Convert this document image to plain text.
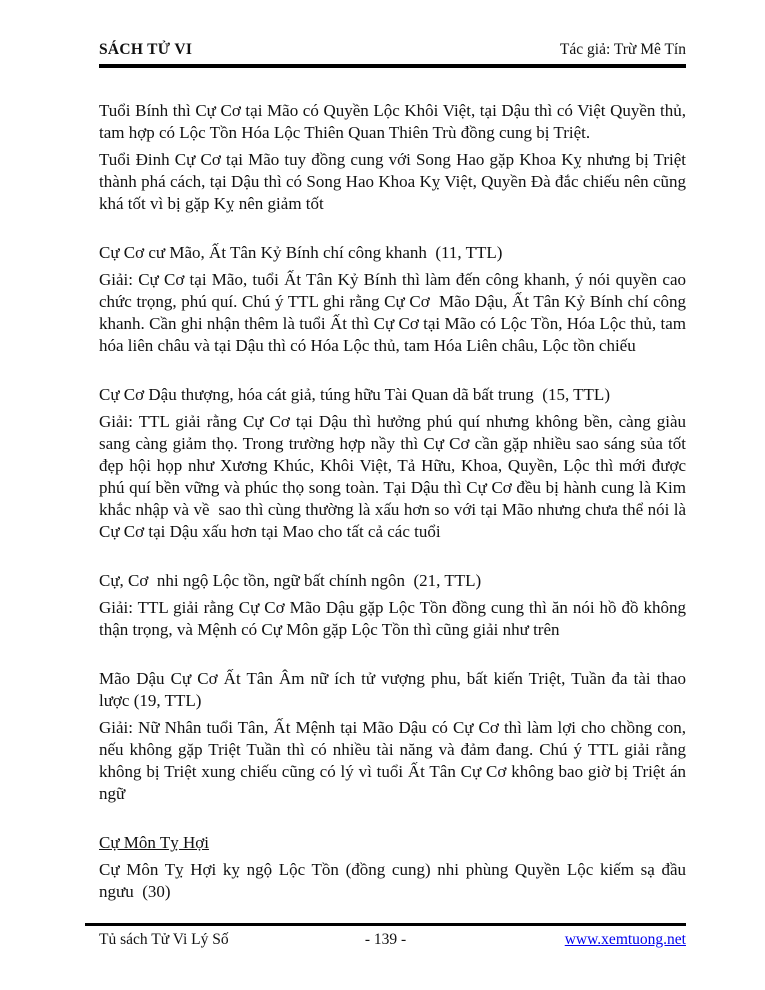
SÁCH TỬ VI	Tác giả: Trừ Mê Tín

Tuổi Bính thì Cự Cơ tại Mão có Quyền Lộc Khôi Việt, tại Dậu thì có Việt Quyền thủ,  tam hợp có Lộc Tồn Hóa Lộc Thiên Quan Thiên Trù đồng cung bị Triệt.

Tuổi Đinh Cự Cơ tại Mão tuy đồng cung với Song Hao gặp Khoa Kỵ nhưng bị Triệt thành phá cách, tại Dậu thì có Song Hao Khoa Kỵ Việt, Quyền Đà đắc chiếu nên cũng khá tốt vì bị gặp Kỵ nên giảm tốt

Cự Cơ cư Mão, Ất Tân Kỷ Bính chí công khanh  (11, TTL)

Giải: Cự Cơ tại Mão, tuổi Ất Tân Kỷ Bính thì làm đến công khanh, ý nói quyền cao chức trọng, phú quí. Chú ý TTL ghi rằng Cự Cơ  Mão Dậu, Ất Tân Kỷ Bính chí công khanh. Cần ghi nhận thêm là tuổi Ất thì Cự Cơ tại Mão có Lộc Tồn, Hóa Lộc thủ, tam hóa liên châu và tại Dậu thì có Hóa Lộc thủ, tam Hóa Liên châu, Lộc tồn chiếu

Cự Cơ Dậu thượng, hóa cát giả, túng hữu Tài Quan dã bất trung  (15, TTL)

Giải: TTL giải rằng Cự Cơ tại Dậu thì hưởng phú quí nhưng không bền, càng giàu sang càng giảm thọ. Trong trường hợp nầy thì Cự Cơ cần gặp nhiều sao sáng sủa tốt đẹp hội họp như Xương Khúc, Khôi Việt, Tả Hữu, Khoa, Quyền, Lộc thì mới được phú quí bền vững và phúc thọ song toàn. Tại Dậu thì Cự Cơ đều bị hành cung là Kim khắc nhập và về  sao thì cùng thường là xấu hơn so với tại Mão nhưng chưa thể nói là Cự Cơ tại Dậu xấu hơn tại Mao cho tất cả các tuổi

Cự, Cơ  nhi ngộ Lộc tồn, ngữ bất chính ngôn  (21, TTL)

Giải: TTL giải rằng Cự Cơ Mão Dậu gặp Lộc Tồn đồng cung thì ăn nói hồ đồ không thận trọng, và Mệnh có Cự Môn gặp Lộc Tồn thì cũng giải như trên

Mão Dậu Cự Cơ Ất Tân Âm nữ ích tử vượng phu, bất kiến Triệt, Tuần đa tài thao lược (19, TTL)

Giải: Nữ Nhân tuổi Tân, Ất Mệnh tại Mão Dậu có Cự Cơ thì làm lợi cho chồng con, nếu không gặp Triệt Tuần thì có nhiều tài năng và đảm đang. Chú ý TTL giải rằng không bị Triệt xung chiếu cũng có lý vì tuổi Ất Tân Cự Cơ không bao giờ bị Triệt án ngữ

Cự Môn Tỵ Hợi

Cự Môn Tỵ Hợi kỵ ngộ Lộc Tồn (đồng cung) nhi phùng Quyền Lộc kiếm sạ đầu ngưu  (30)

Tủ sách Tử Vi Lý Số	- 139 -	www.xemtuong.net
